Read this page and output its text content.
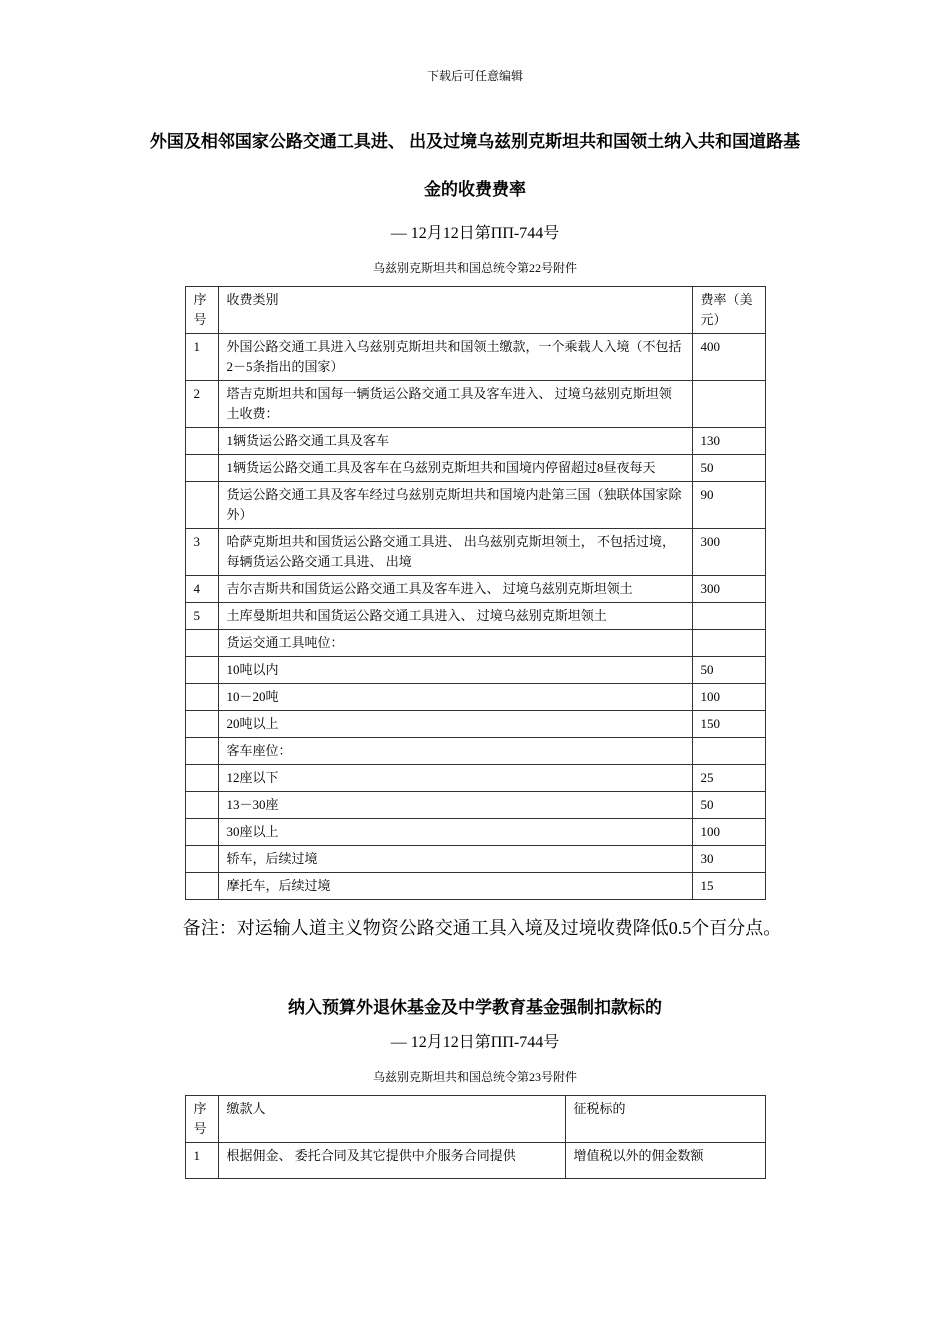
下载后可任意编辑
外国及相邻国家公路交通工具进、 出及过境乌兹别克斯坦共和国领土纳入共和国道路基金的收费费率
— 12月12日第ПП-744号
乌兹别克斯坦共和国总统令第22号附件
序号	收费类别	费率（美元）
1	外国公路交通工具进入乌兹别克斯坦共和国领土缴款，一个乘载人入境（不包括2－5条指出的国家）	400
2	塔吉克斯坦共和国每一辆货运公路交通工具及客车进入、 过境乌兹别克斯坦领土收费：	
	1辆货运公路交通工具及客车	130
	1辆货运公路交通工具及客车在乌兹别克斯坦共和国境内停留超过8昼夜每天	50
	货运公路交通工具及客车经过乌兹别克斯坦共和国境内赴第三国（独联体国家除外）	90
3	哈萨克斯坦共和国货运公路交通工具进、 出乌兹别克斯坦领土， 不包括过境，每辆货运公路交通工具进、 出境	300
4	吉尔吉斯共和国货运公路交通工具及客车进入、 过境乌兹别克斯坦领土	300
5	土库曼斯坦共和国货运公路交通工具进入、 过境乌兹别克斯坦领土	
	货运交通工具吨位：	
	10吨以内	50
	10－20吨	100
	20吨以上	150
	客车座位：	
	12座以下	25
	13－30座	50
	30座以上	100
	轿车，后续过境	30
	摩托车，后续过境	15

备注：对运输人道主义物资公路交通工具入境及过境收费降低0.5个百分点。

纳入预算外退休基金及中学教育基金强制扣款标的
— 12月12日第ПП-744号
乌兹别克斯坦共和国总统令第23号附件
序号	缴款人	征税标的
1	根据佣金、 委托合同及其它提供中介服务合同提供	增值税以外的佣金数额
